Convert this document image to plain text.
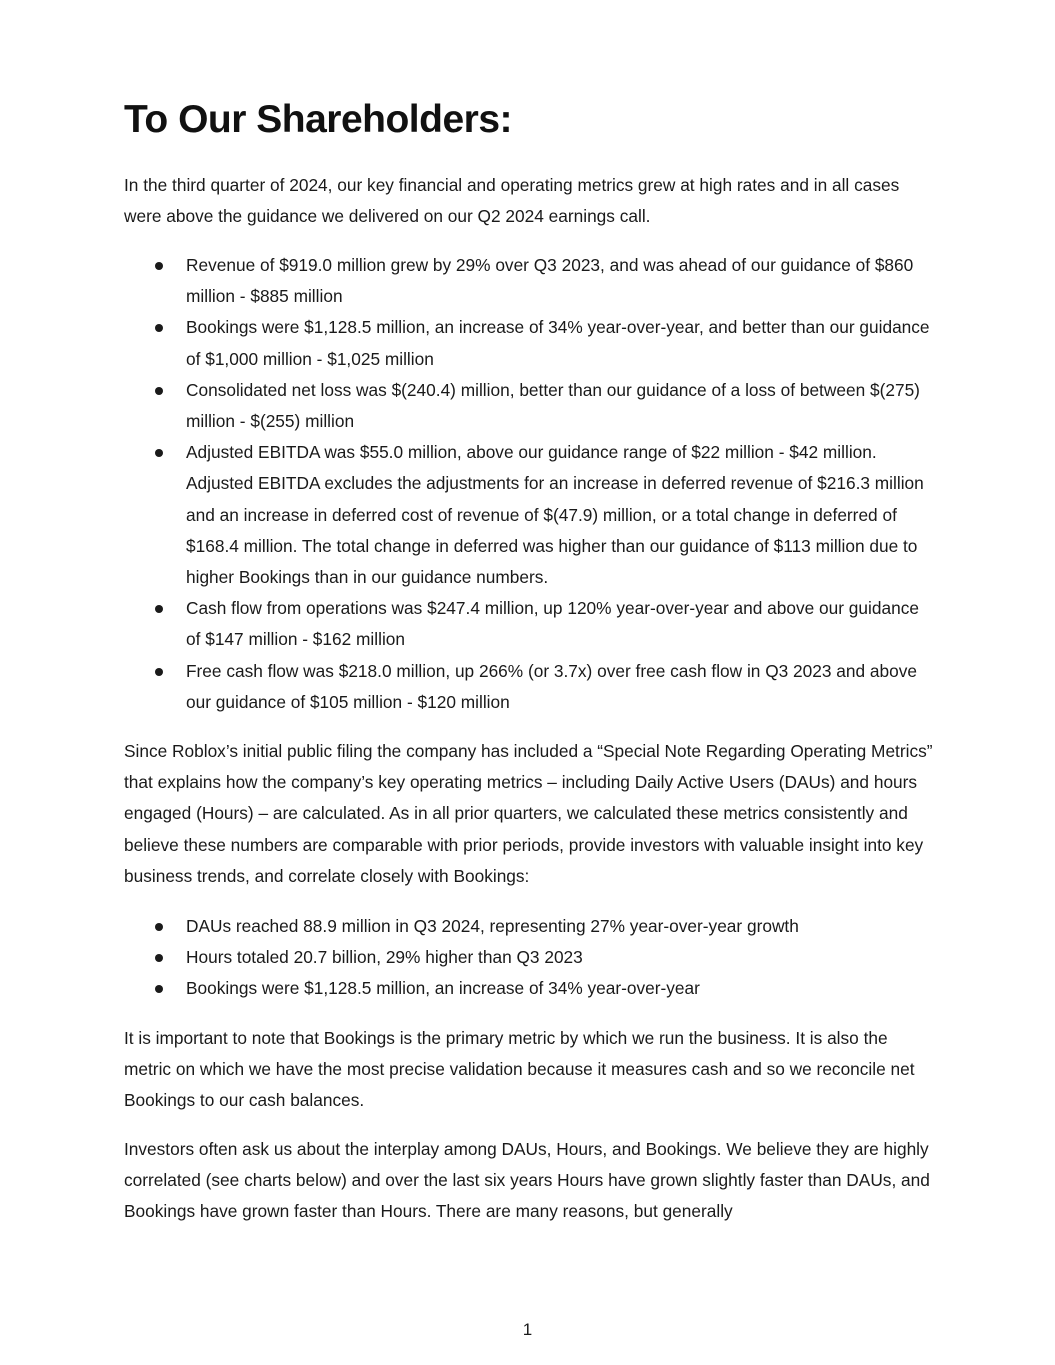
To Our Shareholders:

In the third quarter of 2024, our key financial and operating metrics grew at high rates and in all cases were above the guidance we delivered on our Q2 2024 earnings call.

Revenue of $919.0 million grew by 29% over Q3 2023, and was ahead of our guidance of $860 million - $885 million
Bookings were $1,128.5 million, an increase of 34% year-over-year, and better than our guidance of $1,000 million - $1,025 million
Consolidated net loss was $(240.4) million, better than our guidance of a loss of between $(275) million - $(255) million
Adjusted EBITDA was $55.0 million, above our guidance range of $22 million - $42 million. Adjusted EBITDA excludes the adjustments for an increase in deferred revenue of $216.3 million and an increase in deferred cost of revenue of $(47.9) million, or a total change in deferred of $168.4 million. The total change in deferred was higher than our guidance of $113 million due to higher Bookings than in our guidance numbers.
Cash flow from operations was $247.4 million, up 120% year-over-year and above our guidance of $147 million - $162 million
Free cash flow was $218.0 million, up 266% (or 3.7x) over free cash flow in Q3 2023 and above our guidance of $105 million - $120 million

Since Roblox’s initial public filing the company has included a “Special Note Regarding Operating Metrics” that explains how the company’s key operating metrics – including Daily Active Users (DAUs) and hours engaged (Hours) – are calculated. As in all prior quarters, we calculated these metrics consistently and believe these numbers are comparable with prior periods, provide investors with valuable insight into key business trends, and correlate closely with Bookings:

DAUs reached 88.9 million in Q3 2024, representing 27% year-over-year growth
Hours totaled 20.7 billion, 29% higher than Q3 2023
Bookings were $1,128.5 million, an increase of 34% year-over-year

It is important to note that Bookings is the primary metric by which we run the business. It is also the metric on which we have the most precise validation because it measures cash and so we reconcile net Bookings to our cash balances.

Investors often ask us about the interplay among DAUs, Hours, and Bookings. We believe they are highly correlated (see charts below) and over the last six years Hours have grown slightly faster than DAUs, and Bookings have grown faster than Hours. There are many reasons, but generally

1
